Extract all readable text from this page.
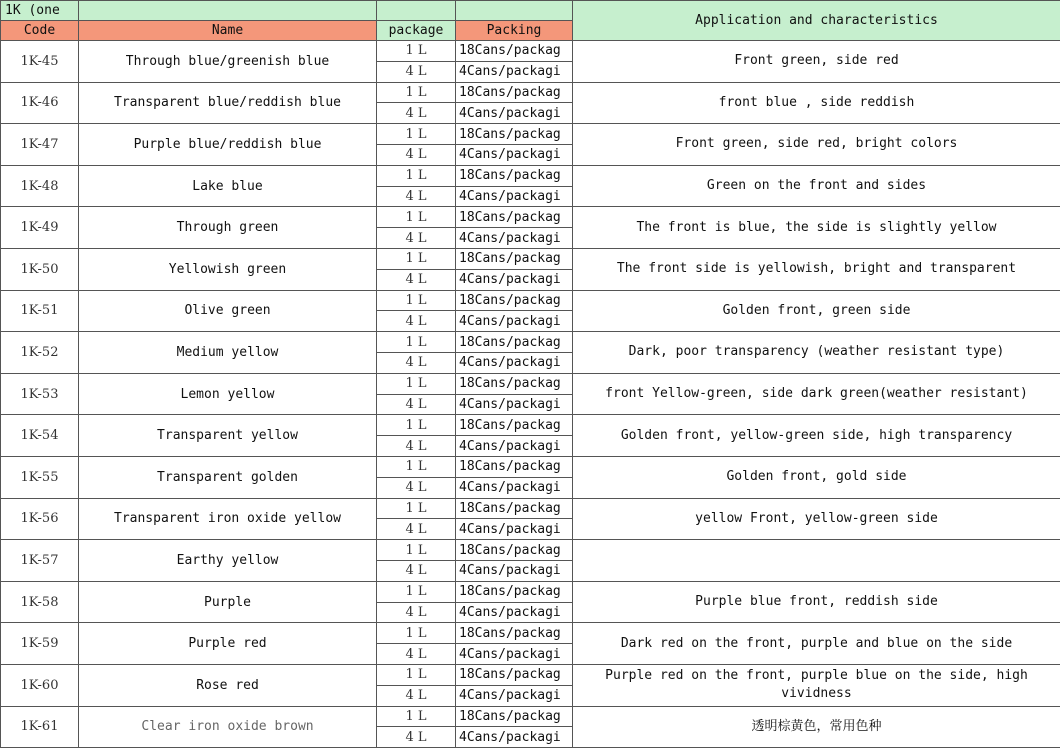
1K (one				Application and characteristics
Code	Name	package	Packing	
1K-45	Through blue/greenish blue	1 L	18Cans/packag	Front green, side red
		4 L	4Cans/packagi	
1K-46	Transparent blue/reddish blue	1 L	18Cans/packag	front blue , side reddish
		4 L	4Cans/packagi	
1K-47	Purple blue/reddish blue	1 L	18Cans/packag	Front green, side red, bright colors
		4 L	4Cans/packagi	
1K-48	Lake blue	1 L	18Cans/packag	Green on the front and sides
		4 L	4Cans/packagi	
1K-49	Through green	1 L	18Cans/packag	The front is blue, the side is slightly yellow
		4 L	4Cans/packagi	
1K-50	Yellowish green	1 L	18Cans/packag	The front side is yellowish, bright and transparent
		4 L	4Cans/packagi	
1K-51	Olive green	1 L	18Cans/packag	Golden front, green side
		4 L	4Cans/packagi	
1K-52	Medium yellow	1 L	18Cans/packag	Dark, poor transparency (weather resistant type)
		4 L	4Cans/packagi	
1K-53	Lemon yellow	1 L	18Cans/packag	front Yellow-green, side dark green(weather resistant)
		4 L	4Cans/packagi	
1K-54	Transparent yellow	1 L	18Cans/packag	Golden front, yellow-green side, high transparency
		4 L	4Cans/packagi	
1K-55	Transparent golden	1 L	18Cans/packag	Golden front, gold side
		4 L	4Cans/packagi	
1K-56	Transparent iron oxide yellow	1 L	18Cans/packag	yellow Front, yellow-green side
		4 L	4Cans/packagi	
1K-57	Earthy yellow	1 L	18Cans/packag	
		4 L	4Cans/packagi	
1K-58	Purple	1 L	18Cans/packag	Purple blue front, reddish side
		4 L	4Cans/packagi	
1K-59	Purple red	1 L	18Cans/packag	Dark red on the front, purple and blue on the side
		4 L	4Cans/packagi	
1K-60	Rose red	1 L	18Cans/packag	Purple red on the front, purple blue on the side, high vividness
		4 L	4Cans/packagi	
1K-61	Clear iron oxide brown	1 L	18Cans/packag	透明棕黄色，常用色种
		4 L	4Cans/packagi	
